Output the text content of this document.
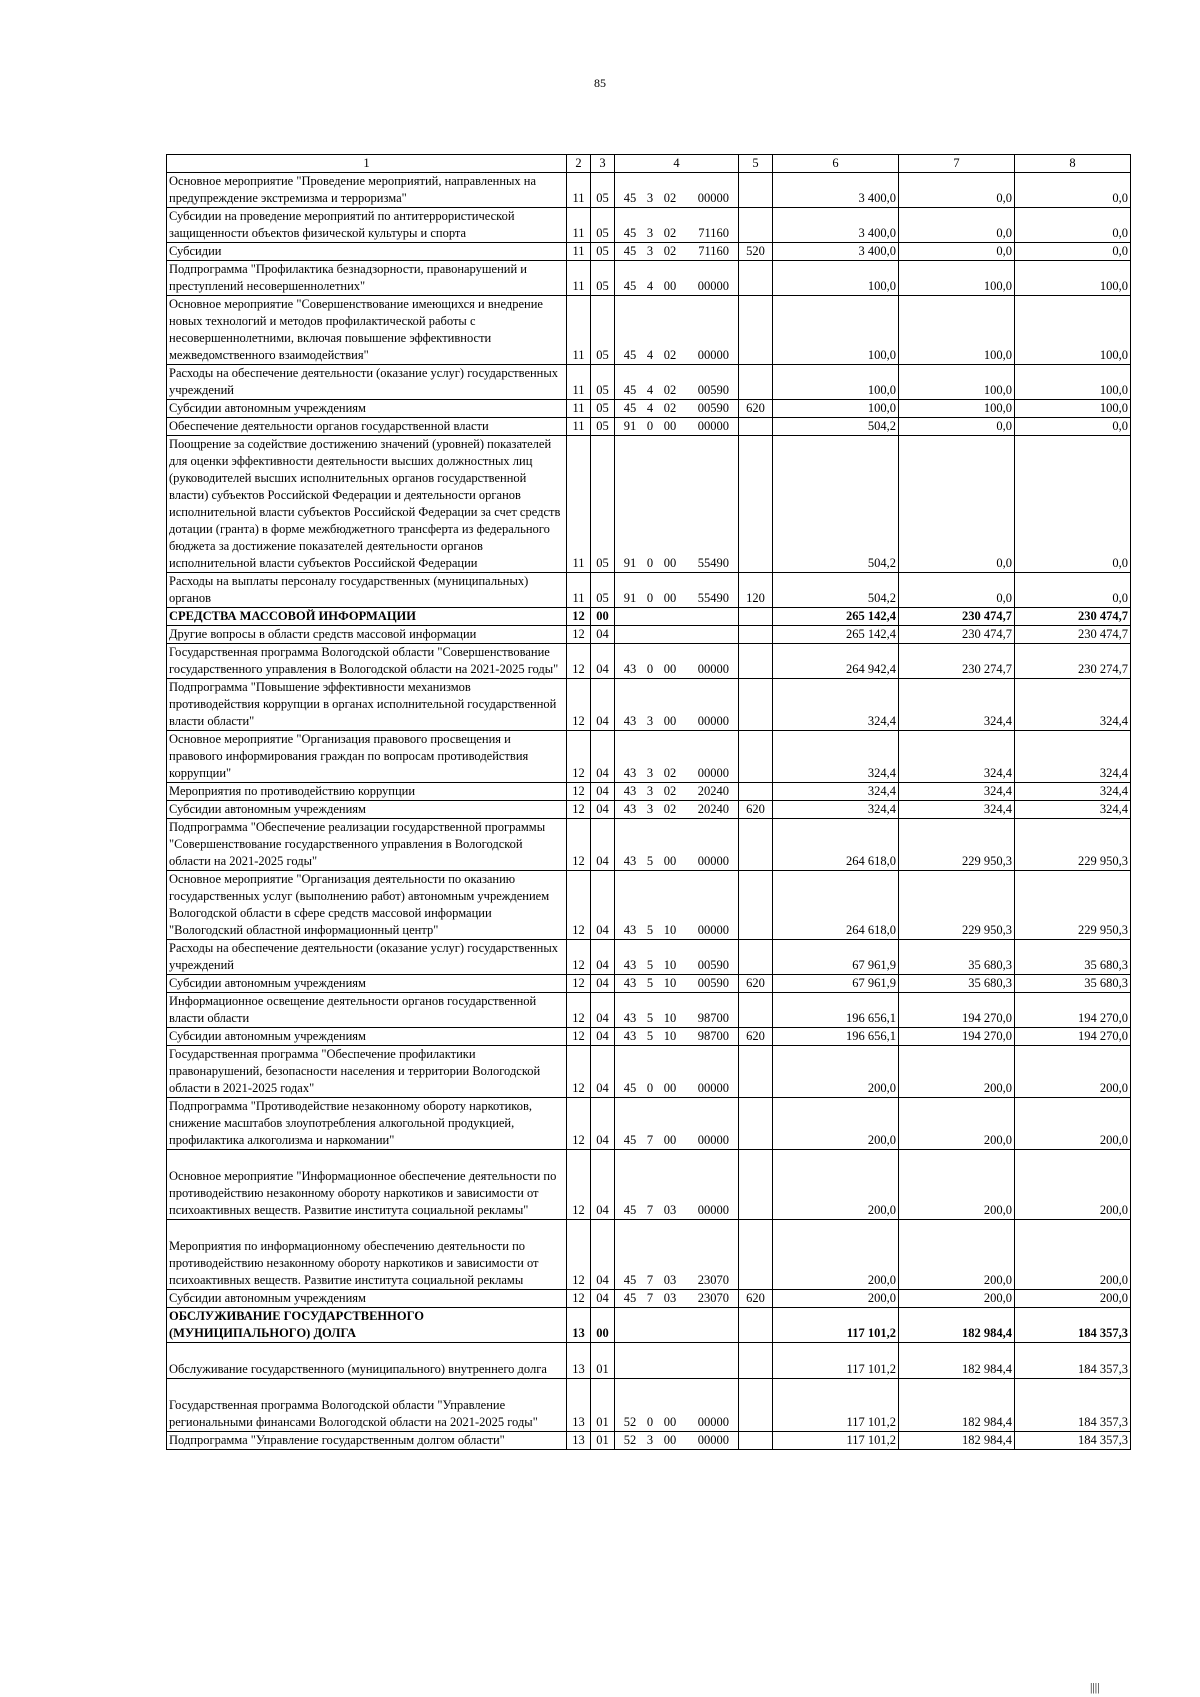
85
1	2	3	4	5	6	7	8
Основное мероприятие "Проведение мероприятий, направленных на предупреждение экстремизма и терроризма"	11	05	45 3 02 00000		3 400,0	0,0	0,0
Субсидии на проведение мероприятий по антитеррористической защищенности объектов физической культуры и спорта	11	05	45 3 02 71160		3 400,0	0,0	0,0
Субсидии	11	05	45 3 02 71160	520	3 400,0	0,0	0,0
Подпрограмма "Профилактика безнадзорности, правонарушений и преступлений несовершеннолетних"	11	05	45 4 00 00000		100,0	100,0	100,0
Основное мероприятие "Совершенствование имеющихся и внедрение новых технологий и методов профилактической работы с несовершеннолетними, включая повышение эффективности межведомственного взаимодействия"	11	05	45 4 02 00000		100,0	100,0	100,0
Расходы на обеспечение деятельности (оказание услуг) государственных учреждений	11	05	45 4 02 00590		100,0	100,0	100,0
Субсидии автономным учреждениям	11	05	45 4 02 00590	620	100,0	100,0	100,0
Обеспечение деятельности органов государственной власти	11	05	91 0 00 00000		504,2	0,0	0,0
Поощрение за содействие достижению значений (уровней) показателей для оценки эффективности деятельности высших должностных лиц (руководителей высших исполнительных органов государственной власти) субъектов Российской Федерации и деятельности органов исполнительной власти субъектов Российской Федерации за счет средств дотации (гранта) в форме межбюджетного трансферта из федерального бюджета за достижение показателей деятельности органов исполнительной власти субъектов Российской Федерации	11	05	91 0 00 55490		504,2	0,0	0,0
Расходы на выплаты персоналу государственных (муниципальных) органов	11	05	91 0 00 55490	120	504,2	0,0	0,0
СРЕДСТВА МАССОВОЙ ИНФОРМАЦИИ	12	00			265 142,4	230 474,7	230 474,7
Другие вопросы в области средств массовой информации	12	04			265 142,4	230 474,7	230 474,7
Государственная программа Вологодской области "Совершенствование государственного управления в Вологодской области на 2021-2025 годы"	12	04	43 0 00 00000		264 942,4	230 274,7	230 274,7
Подпрограмма "Повышение эффективности механизмов противодействия коррупции в органах исполнительной государственной власти области"	12	04	43 3 00 00000		324,4	324,4	324,4
Основное мероприятие "Организация правового просвещения и правового информирования граждан по вопросам противодействия коррупции"	12	04	43 3 02 00000		324,4	324,4	324,4
Мероприятия по противодействию коррупции	12	04	43 3 02 20240		324,4	324,4	324,4
Субсидии автономным учреждениям	12	04	43 3 02 20240	620	324,4	324,4	324,4
Подпрограмма "Обеспечение реализации государственной программы "Совершенствование государственного управления в Вологодской области на 2021-2025 годы"	12	04	43 5 00 00000		264 618,0	229 950,3	229 950,3
Основное мероприятие "Организация деятельности по оказанию государственных услуг (выполнению работ) автономным учреждением Вологодской области в сфере средств массовой информации "Вологодский областной информационный центр"	12	04	43 5 10 00000		264 618,0	229 950,3	229 950,3
Расходы на обеспечение деятельности (оказание услуг) государственных учреждений	12	04	43 5 10 00590		67 961,9	35 680,3	35 680,3
Субсидии автономным учреждениям	12	04	43 5 10 00590	620	67 961,9	35 680,3	35 680,3
Информационное освещение деятельности органов государственной власти области	12	04	43 5 10 98700		196 656,1	194 270,0	194 270,0
Субсидии автономным учреждениям	12	04	43 5 10 98700	620	196 656,1	194 270,0	194 270,0
Государственная программа "Обеспечение профилактики правонарушений, безопасности населения и территории Вологодской области в 2021-2025 годах"	12	04	45 0 00 00000		200,0	200,0	200,0
Подпрограмма "Противодействие незаконному обороту наркотиков, снижение масштабов злоупотребления алкогольной продукцией, профилактика алкоголизма и наркомании"	12	04	45 7 00 00000		200,0	200,0	200,0
Основное мероприятие "Информационное обеспечение деятельности по противодействию незаконному обороту наркотиков и зависимости от психоактивных веществ. Развитие института социальной рекламы"	12	04	45 7 03 00000		200,0	200,0	200,0
Мероприятия по информационному обеспечению деятельности по противодействию незаконному обороту наркотиков и зависимости от психоактивных веществ. Развитие института социальной рекламы	12	04	45 7 03 23070		200,0	200,0	200,0
Субсидии автономным учреждениям	12	04	45 7 03 23070	620	200,0	200,0	200,0
ОБСЛУЖИВАНИЕ ГОСУДАРСТВЕННОГО (МУНИЦИПАЛЬНОГО) ДОЛГА	13	00			117 101,2	182 984,4	184 357,3
Обслуживание государственного (муниципального) внутреннего долга	13	01			117 101,2	182 984,4	184 357,3
Государственная программа Вологодской области "Управление региональными финансами Вологодской области на 2021-2025 годы"	13	01	52 0 00 00000		117 101,2	182 984,4	184 357,3
Подпрограмма "Управление государственным долгом области"	13	01	52 3 00 00000		117 101,2	182 984,4	184 357,3
||||
